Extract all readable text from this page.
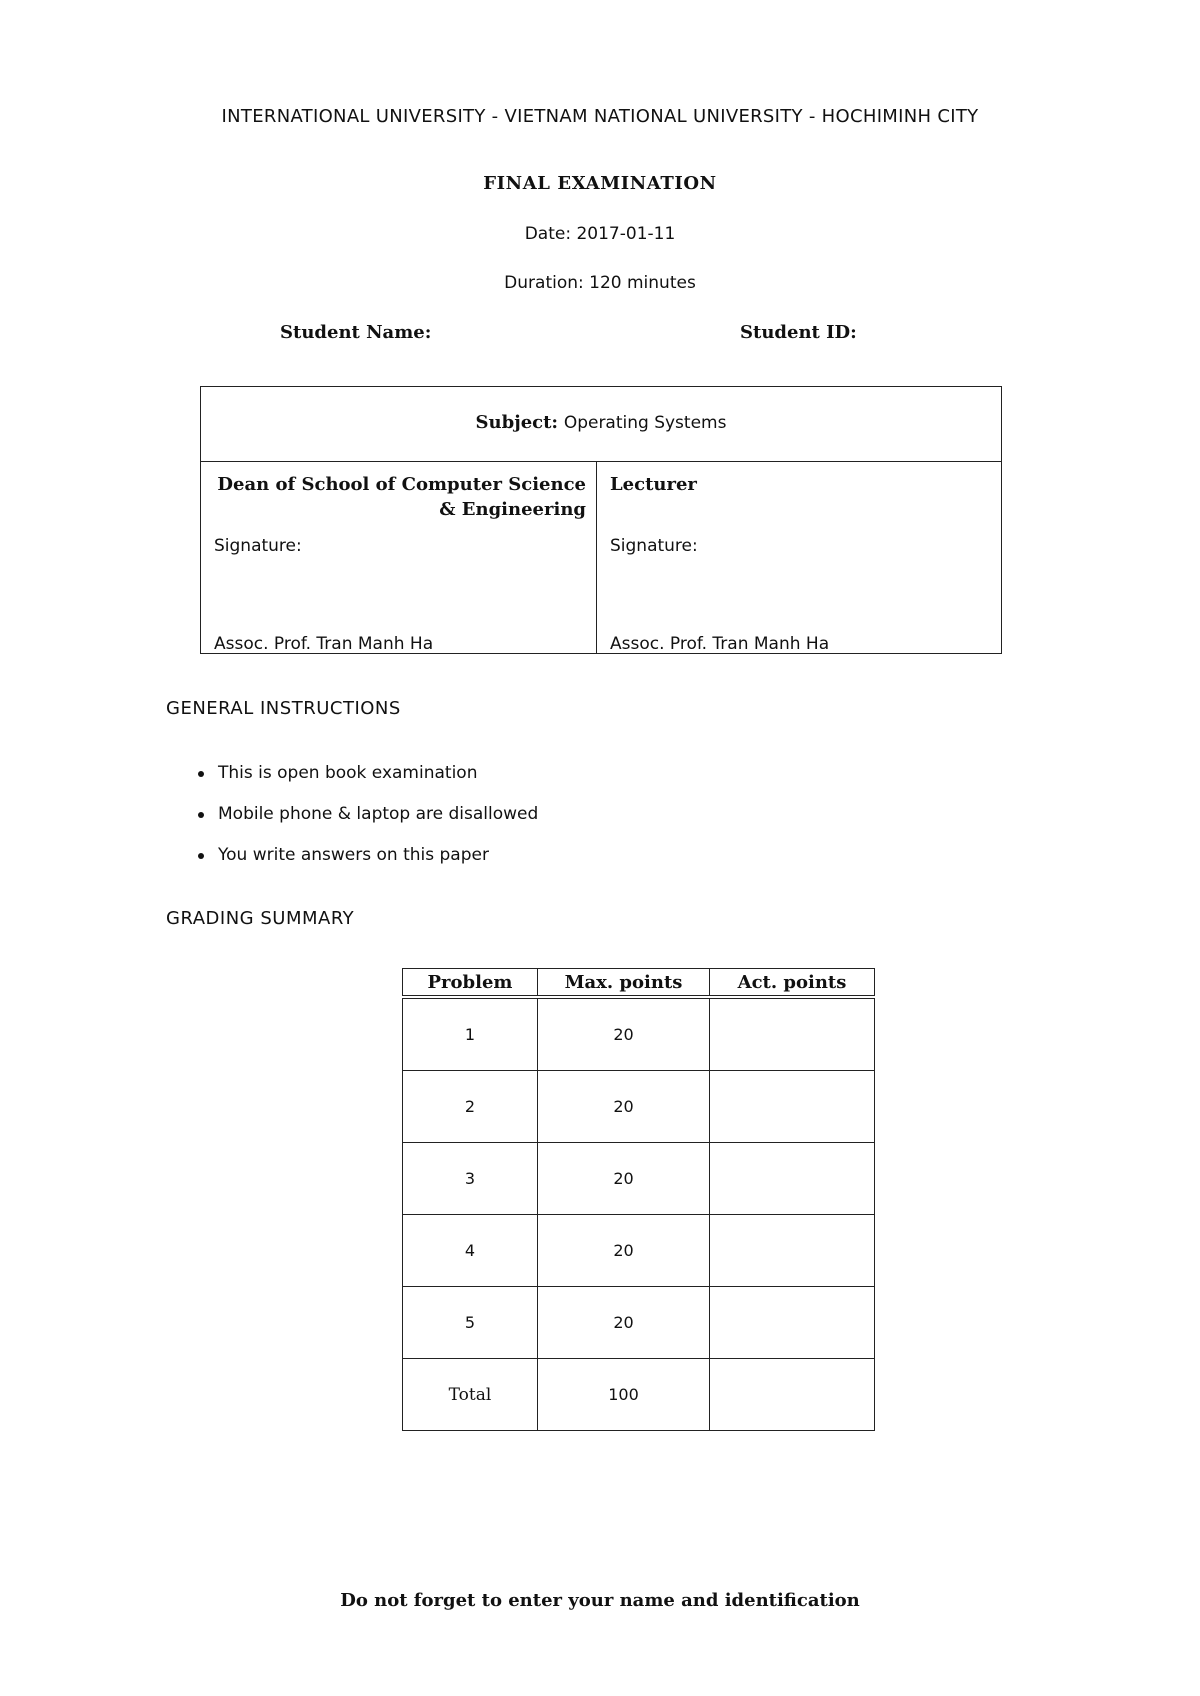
INTERNATIONAL UNIVERSITY - VIETNAM NATIONAL UNIVERSITY - HOCHIMINH CITY
FINAL EXAMINATION
Date: 2017-01-11
Duration: 120 minutes
Student Name:	Student ID:
Subject: Operating Systems
Dean of School of Computer Science & Engineering
Signature:
Assoc. Prof. Tran Manh Ha
Lecturer
Signature:
Assoc. Prof. Tran Manh Ha
GENERAL INSTRUCTIONS
This is open book examination
Mobile phone & laptop are disallowed
You write answers on this paper
GRADING SUMMARY
Problem	Max. points	Act. points
1	20	
2	20	
3	20	
4	20	
5	20	
Total	100	
Do not forget to enter your name and identification
